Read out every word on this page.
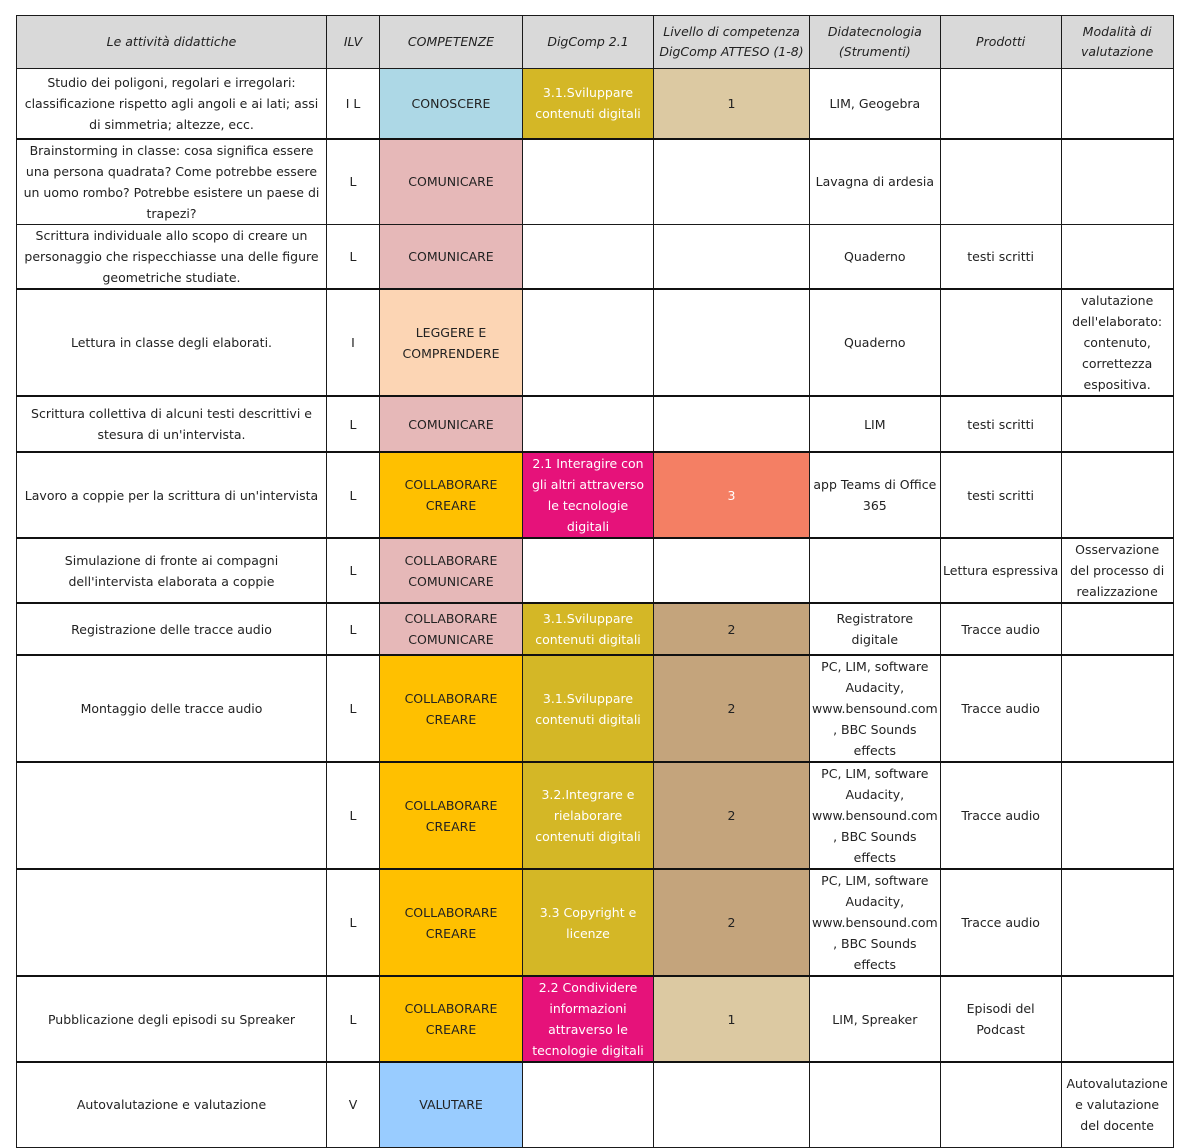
Le attività didattiche	ILV	COMPETENZE	DigComp 2.1	Livello di competenza DigComp ATTESO (1-8)	Didatecnologia (Strumenti)	Prodotti	Modalità di valutazione
Studio dei poligoni, regolari e irregolari: classificazione rispetto agli angoli e ai lati; assi di simmetria; altezze, ecc.	I L	CONOSCERE	3.1.Sviluppare contenuti digitali	1	LIM, Geogebra		
Brainstorming in classe: cosa significa essere una persona quadrata? Come potrebbe essere un uomo rombo? Potrebbe esistere un paese di trapezi?	L	COMUNICARE			Lavagna di ardesia		
Scrittura individuale allo scopo di creare un personaggio che rispecchiasse una delle figure geometriche studiate.	L	COMUNICARE			Quaderno	testi scritti	
Lettura in classe degli elaborati.	I	LEGGERE E COMPRENDERE			Quaderno		valutazione dell'elaborato: contenuto, correttezza espositiva.
Scrittura collettiva di alcuni testi descrittivi e stesura di un'intervista.	L	COMUNICARE			LIM	testi scritti	
Lavoro a coppie per la scrittura di un'intervista	L	COLLABORARE CREARE	2.1 Interagire con gli altri attraverso le tecnologie digitali	3	app Teams di Office 365	testi scritti	
Simulazione di fronte ai compagni dell'intervista elaborata a coppie	L	COLLABORARE COMUNICARE				Lettura espressiva	Osservazione del processo di realizzazione
Registrazione delle tracce audio	L	COLLABORARE COMUNICARE	3.1.Sviluppare contenuti digitali	2	Registratore digitale	Tracce audio	
Montaggio delle tracce audio	L	COLLABORARE CREARE	3.1.Sviluppare contenuti digitali	2	PC, LIM, software Audacity, www.bensound.com , BBC Sounds effects	Tracce audio	
	L	COLLABORARE CREARE	3.2.Integrare e rielaborare contenuti digitali	2	PC, LIM, software Audacity, www.bensound.com , BBC Sounds effects	Tracce audio	
	L	COLLABORARE CREARE	3.3 Copyright e licenze	2	PC, LIM, software Audacity, www.bensound.com , BBC Sounds effects	Tracce audio	
Pubblicazione degli episodi su Spreaker	L	COLLABORARE CREARE	2.2 Condividere informazioni attraverso le tecnologie digitali	1	LIM, Spreaker	Episodi del Podcast	
Autovalutazione e valutazione	V	VALUTARE					Autovalutazione e valutazione del docente
